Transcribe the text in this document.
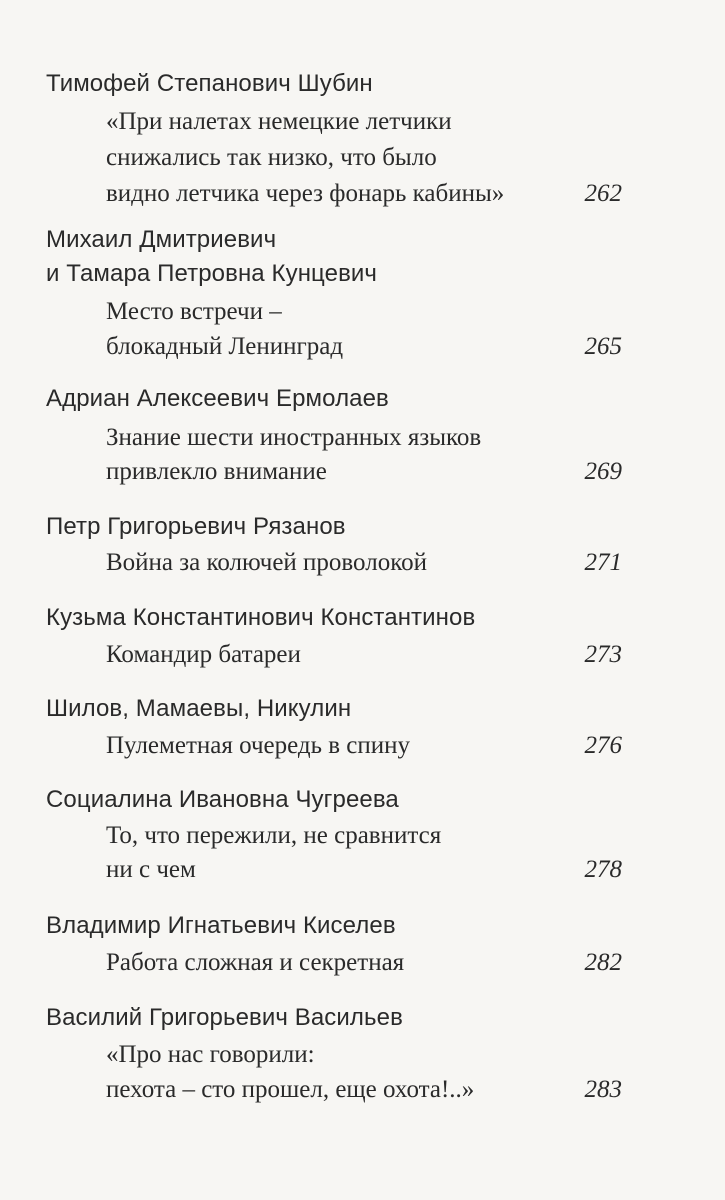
Тимофей Степанович Шубин
«При налетах немецкие летчики
снижались так низко, что было
видно летчика через фонарь кабины»	262
Михаил Дмитриевич
и Тамара Петровна Кунцевич
Место встречи –
блокадный Ленинград	265
Адриан Алексеевич Ермолаев
Знание шести иностранных языков
привлекло внимание	269
Петр Григорьевич Рязанов
Война за колючей проволокой	271
Кузьма Константинович Константинов
Командир батареи	273
Шилов, Мамаевы, Никулин
Пулеметная очередь в спину	276
Социалина Ивановна Чугреева
То, что пережили, не сравнится
ни с чем	278
Владимир Игнатьевич Киселев
Работа сложная и секретная	282
Василий Григорьевич Васильев
«Про нас говорили:
пехота – сто прошел, еще охота!..»	283
